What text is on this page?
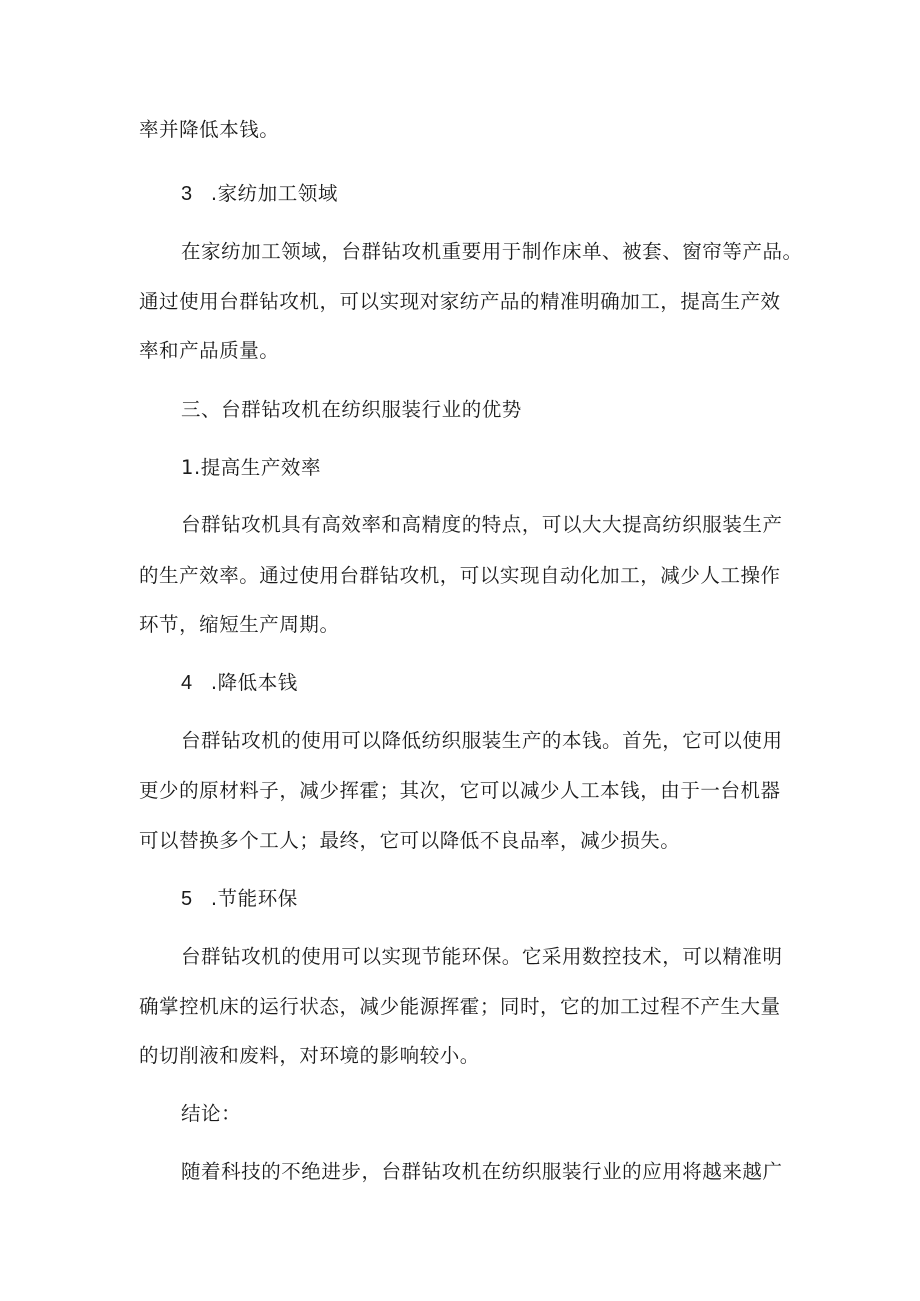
率并降低本钱。
3 .家纺加工领域
在家纺加工领域，台群钻攻机重要用于制作床单、被套、窗帘等产品。
通过使用台群钻攻机，可以实现对家纺产品的精准明确加工，提高生产效
率和产品质量。
三、台群钻攻机在纺织服装行业的优势
1.提高生产效率
台群钻攻机具有高效率和高精度的特点，可以大大提高纺织服装生产
的生产效率。通过使用台群钻攻机，可以实现自动化加工，减少人工操作
环节，缩短生产周期。
4 .降低本钱
台群钻攻机的使用可以降低纺织服装生产的本钱。首先，它可以使用
更少的原材料子，减少挥霍；其次，它可以减少人工本钱，由于一台机器
可以替换多个工人；最终，它可以降低不良品率，减少损失。
5 .节能环保
台群钻攻机的使用可以实现节能环保。它采用数控技术，可以精准明
确掌控机床的运行状态，减少能源挥霍；同时，它的加工过程不产生大量
的切削液和废料，对环境的影响较小。
结论：
随着科技的不绝进步，台群钻攻机在纺织服装行业的应用将越来越广
